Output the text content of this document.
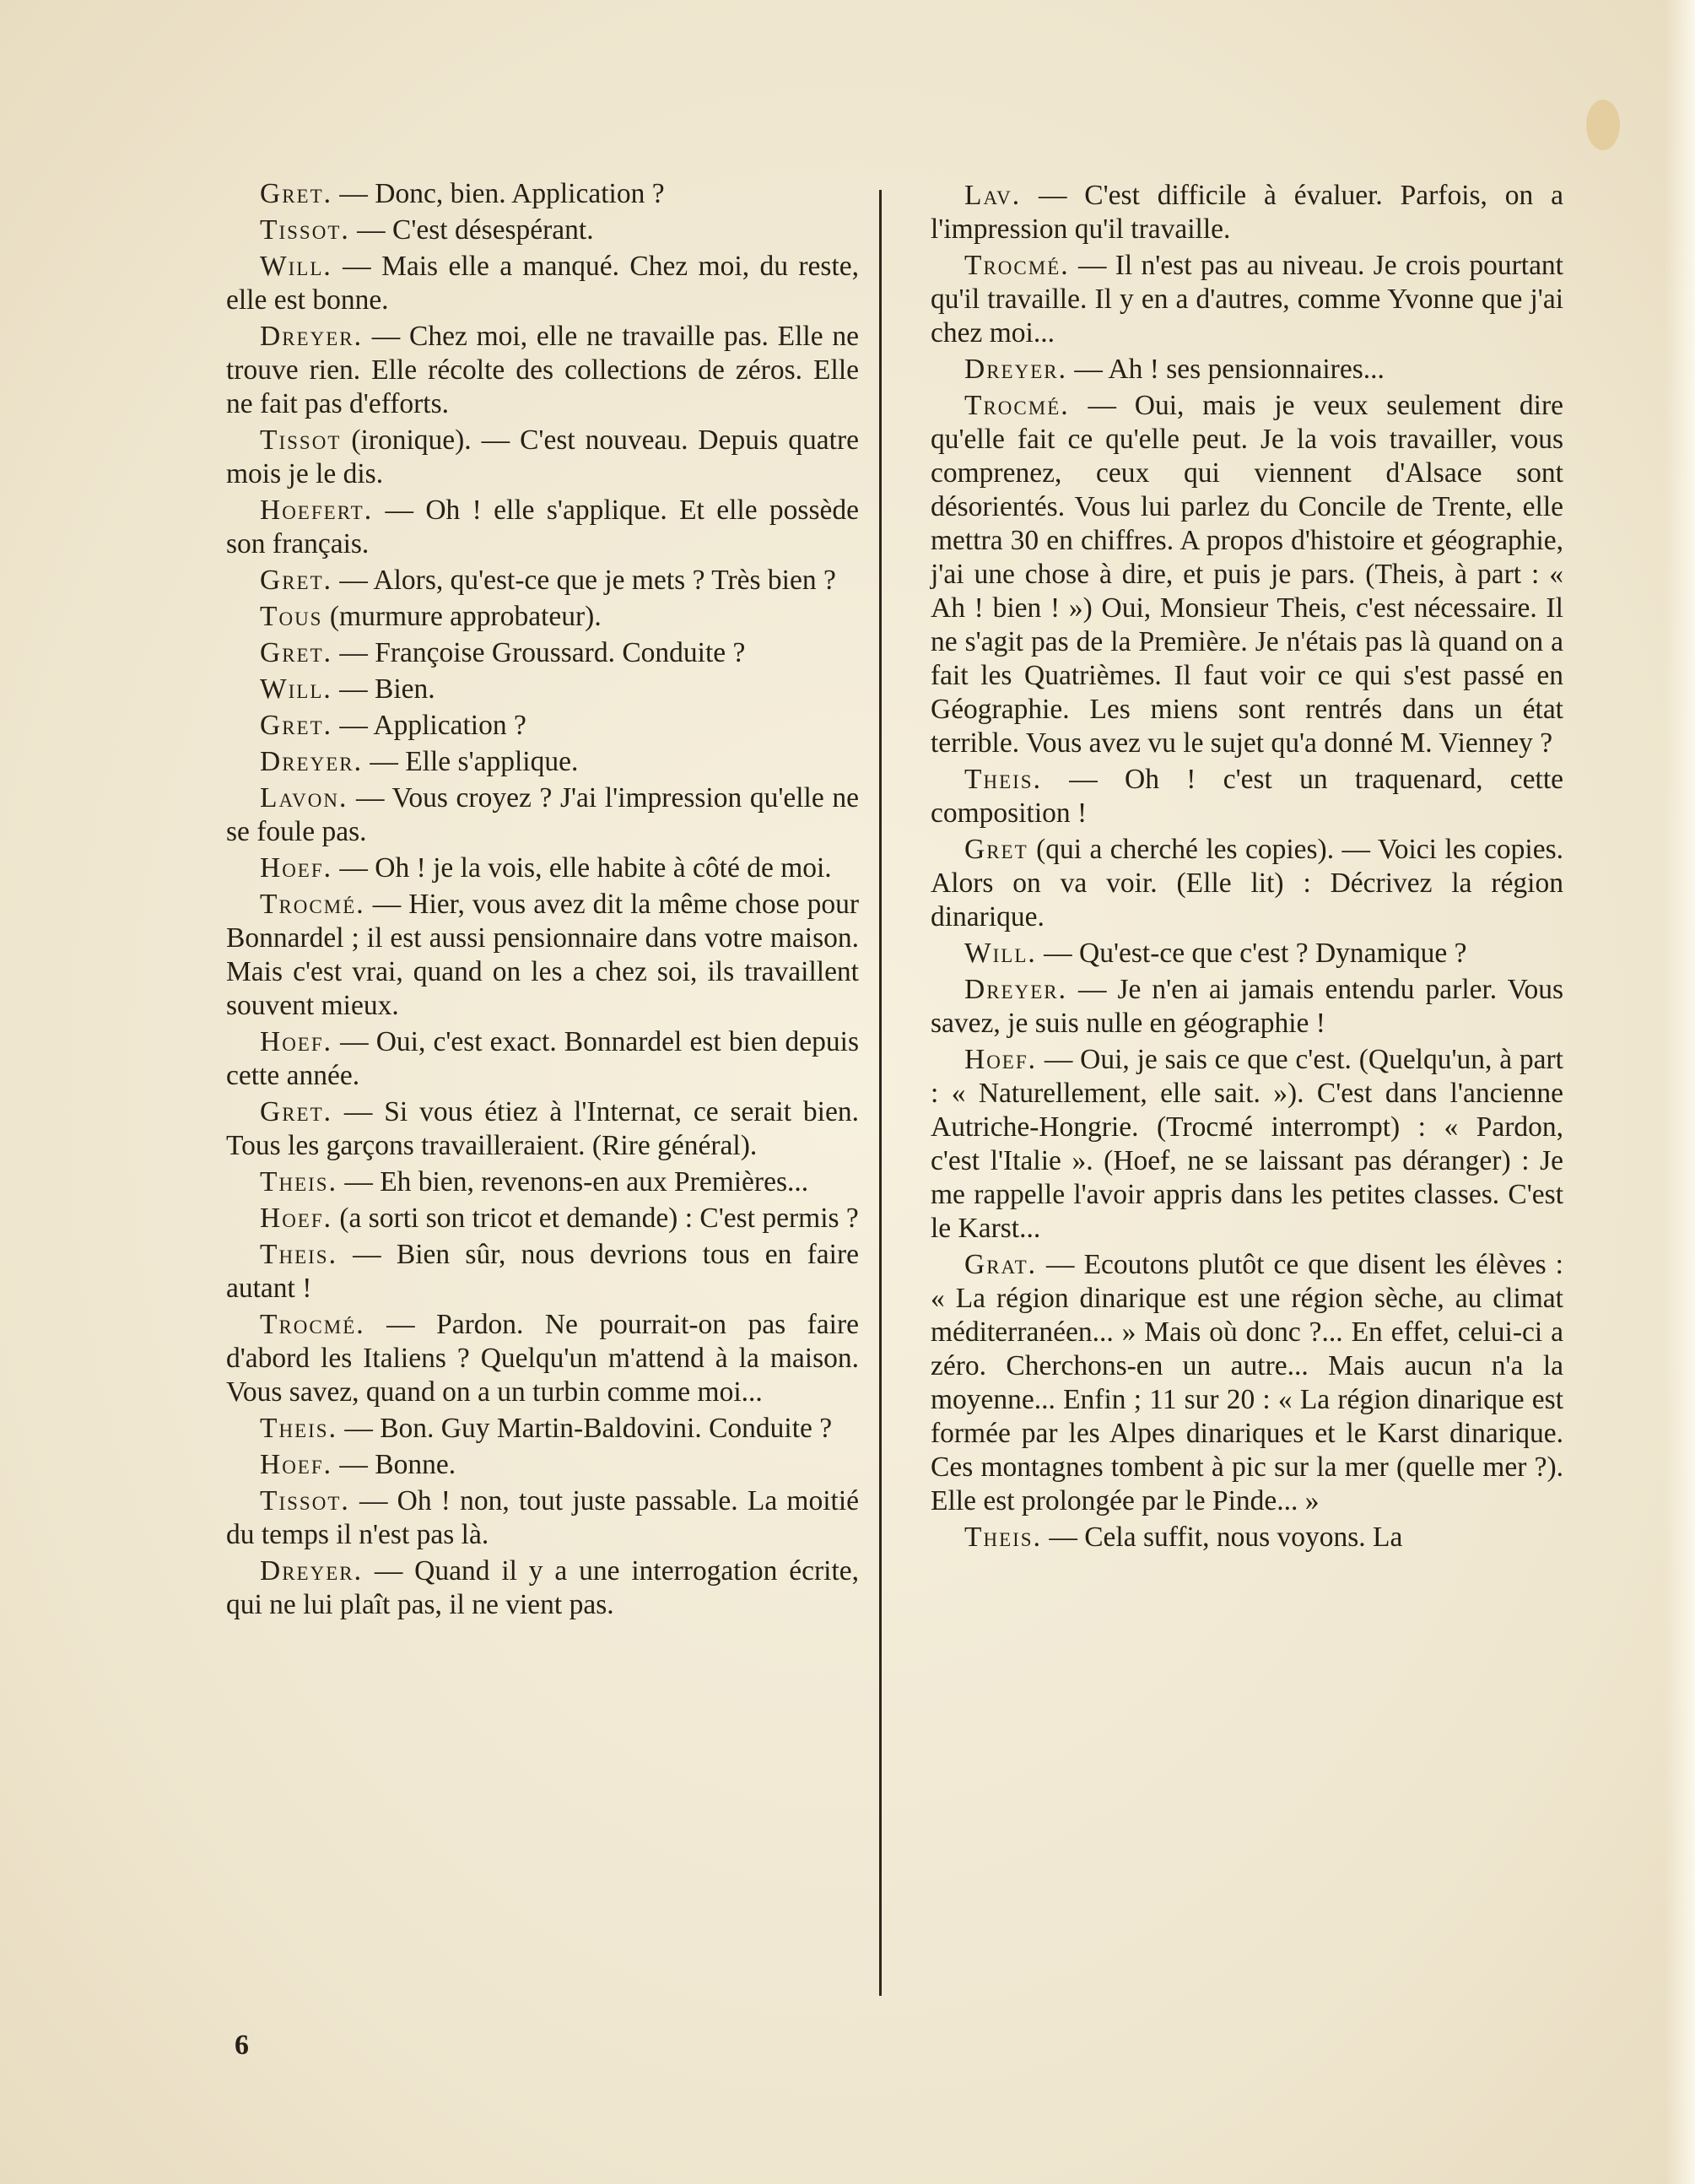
Gret. — Donc, bien. Application ?

Tissot. — C'est désespérant.

Will. — Mais elle a manqué. Chez moi, du reste, elle est bonne.

Dreyer. — Chez moi, elle ne travaille pas. Elle ne trouve rien. Elle récolte des collections de zéros. Elle ne fait pas d'efforts.

Tissot (ironique). — C'est nouveau. Depuis quatre mois je le dis.

Hoefert. — Oh ! elle s'applique. Et elle possède son français.

Gret. — Alors, qu'est-ce que je mets ? Très bien ?

Tous (murmure approbateur).

Gret. — Françoise Groussard. Conduite ?

Will. — Bien.

Gret. — Application ?

Dreyer. — Elle s'applique.

Lavon. — Vous croyez ? J'ai l'impression qu'elle ne se foule pas.

Hoef. — Oh ! je la vois, elle habite à côté de moi.

Trocmé. — Hier, vous avez dit la même chose pour Bonnardel ; il est aussi pensionnaire dans votre maison. Mais c'est vrai, quand on les a chez soi, ils travaillent souvent mieux.

Hoef. — Oui, c'est exact. Bonnardel est bien depuis cette année.

Gret. — Si vous étiez à l'Internat, ce serait bien. Tous les garçons travailleraient. (Rire général).

Theis. — Eh bien, revenons-en aux Premières...

Hoef. (a sorti son tricot et demande) : C'est permis ?

Theis. — Bien sûr, nous devrions tous en faire autant !

Trocmé. — Pardon. Ne pourrait-on pas faire d'abord les Italiens ? Quelqu'un m'attend à la maison. Vous savez, quand on a un turbin comme moi...

Theis. — Bon. Guy Martin-Baldovini. Conduite ?

Hoef. — Bonne.

Tissot. — Oh ! non, tout juste passable. La moitié du temps il n'est pas là.

Dreyer. — Quand il y a une interrogation écrite, qui ne lui plaît pas, il ne vient pas.

Lav. — C'est difficile à évaluer. Parfois, on a l'impression qu'il travaille.

Trocmé. — Il n'est pas au niveau. Je crois pourtant qu'il travaille. Il y en a d'autres, comme Yvonne que j'ai chez moi...

Dreyer. — Ah ! ses pensionnaires...

Trocmé. — Oui, mais je veux seulement dire qu'elle fait ce qu'elle peut. Je la vois travailler, vous comprenez, ceux qui viennent d'Alsace sont désorientés. Vous lui parlez du Concile de Trente, elle mettra 30 en chiffres. A propos d'histoire et géographie, j'ai une chose à dire, et puis je pars. (Theis, à part : « Ah ! bien ! ») Oui, Monsieur Theis, c'est nécessaire. Il ne s'agit pas de la Première. Je n'étais pas là quand on a fait les Quatrièmes. Il faut voir ce qui s'est passé en Géographie. Les miens sont rentrés dans un état terrible. Vous avez vu le sujet qu'a donné M. Vienney ?

Theis. — Oh ! c'est un traquenard, cette composition !

Gret (qui a cherché les copies). — Voici les copies. Alors on va voir. (Elle lit) : Décrivez la région dinarique.

Will. — Qu'est-ce que c'est ? Dynamique ?

Dreyer. — Je n'en ai jamais entendu parler. Vous savez, je suis nulle en géographie !

Hoef. — Oui, je sais ce que c'est. (Quelqu'un, à part : « Naturellement, elle sait. »). C'est dans l'ancienne Autriche-Hongrie. (Trocmé interrompt) : « Pardon, c'est l'Italie ». (Hoef, ne se laissant pas déranger) : Je me rappelle l'avoir appris dans les petites classes. C'est le Karst...

Grat. — Ecoutons plutôt ce que disent les élèves : « La région dinarique est une région sèche, au climat méditerranéen... » Mais où donc ?... En effet, celui-ci a zéro. Cherchons-en un autre... Mais aucun n'a la moyenne... Enfin ; 11 sur 20 : « La région dinarique est formée par les Alpes dinariques et le Karst dinarique. Ces montagnes tombent à pic sur la mer (quelle mer ?). Elle est prolongée par le Pinde... »

Theis. — Cela suffit, nous voyons. La

6
